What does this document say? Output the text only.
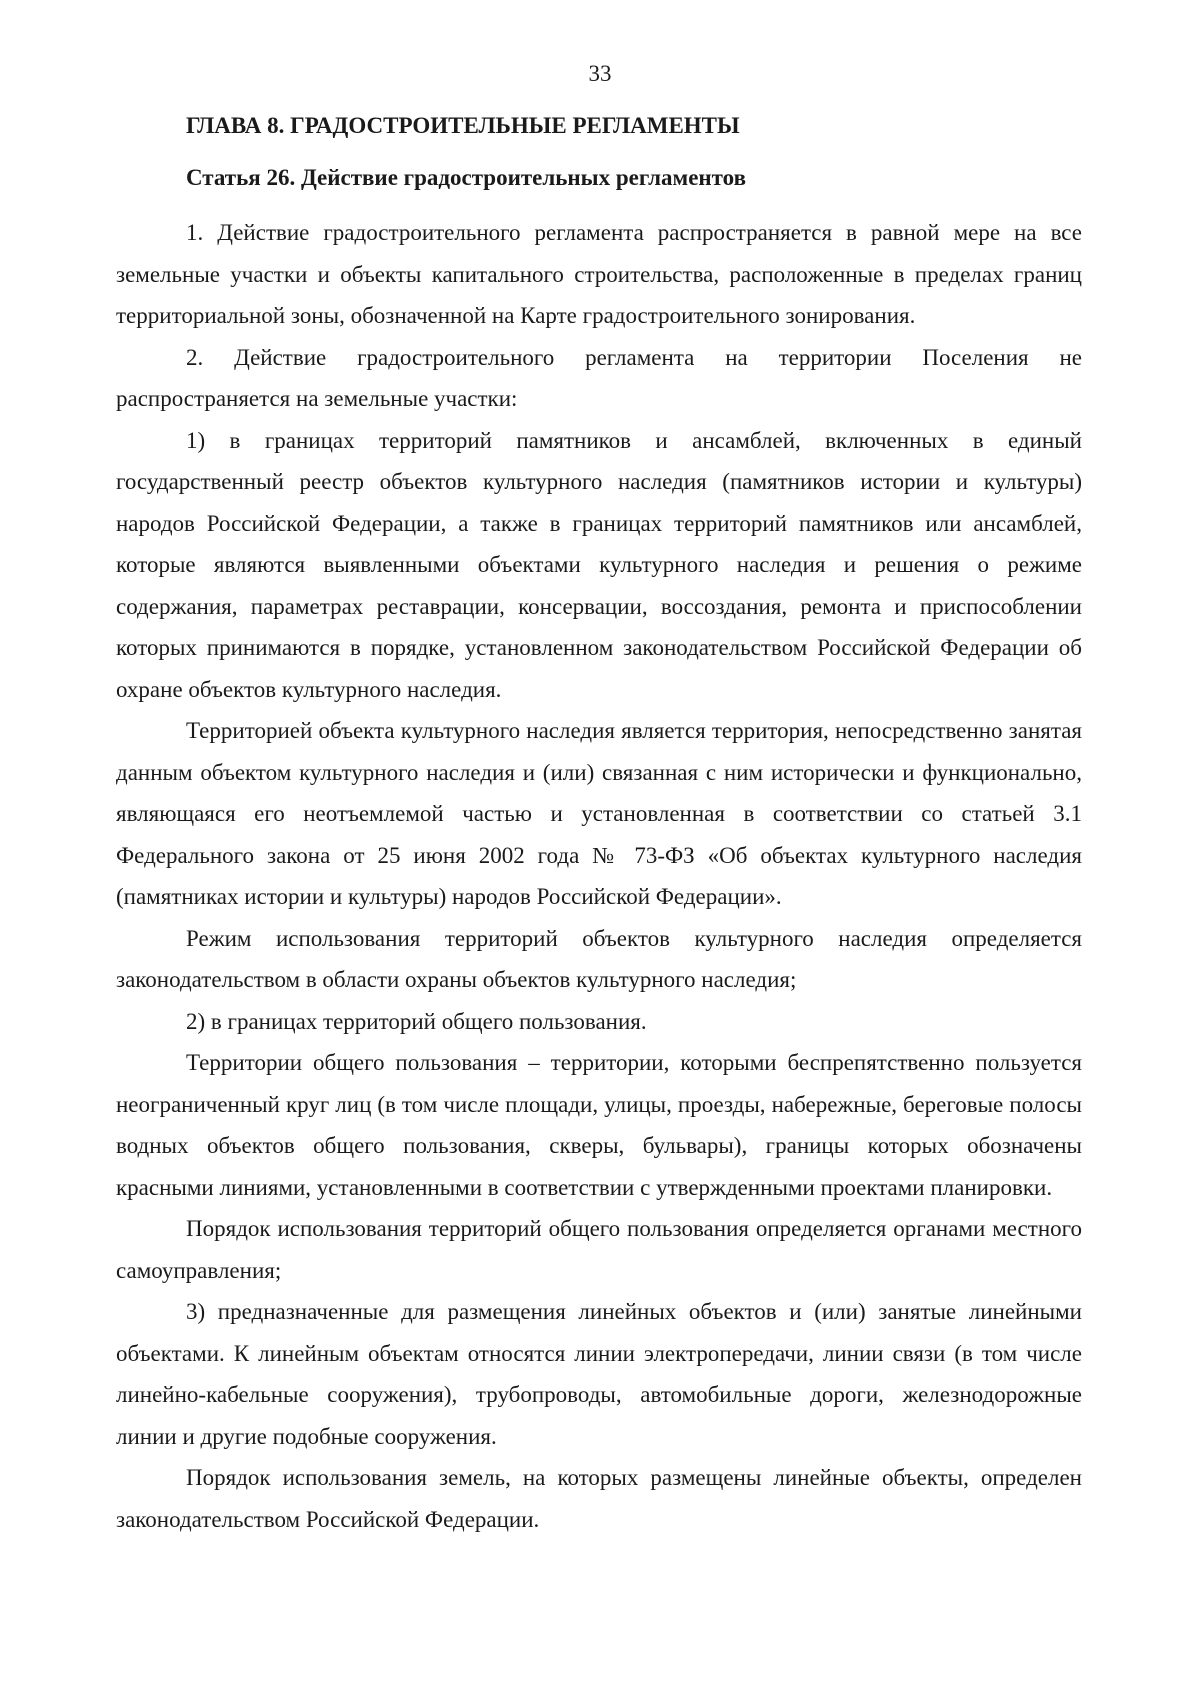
33
ГЛАВА 8. ГРАДОСТРОИТЕЛЬНЫЕ РЕГЛАМЕНТЫ
Статья 26. Действие градостроительных регламентов

1. Действие градостроительного регламента распространяется в равной мере на все земельные участки и объекты капитального строительства, расположенные в пределах границ территориальной зоны, обозначенной на Карте градостроительного зонирования.

2. Действие градостроительного регламента на территории Поселения не распространяется на земельные участки:

1) в границах территорий памятников и ансамблей, включенных в единый государственный реестр объектов культурного наследия (памятников истории и культуры) народов Российской Федерации, а также в границах территорий памятников или ансамблей, которые являются выявленными объектами культурного наследия и решения о режиме содержания, параметрах реставрации, консервации, воссоздания, ремонта и приспособлении которых принимаются в порядке, установленном законодательством Российской Федерации об охране объектов культурного наследия.

Территорией объекта культурного наследия является территория, непосредственно занятая данным объектом культурного наследия и (или) связанная с ним исторически и функционально, являющаяся его неотъемлемой частью и установленная в соответствии со статьей 3.1 Федерального закона от 25 июня 2002 года № 73-ФЗ «Об объектах культурного наследия (памятниках истории и культуры) народов Российской Федерации».

Режим использования территорий объектов культурного наследия определяется законодательством в области охраны объектов культурного наследия;

2) в границах территорий общего пользования.

Территории общего пользования – территории, которыми беспрепятственно пользуется неограниченный круг лиц (в том числе площади, улицы, проезды, набережные, береговые полосы водных объектов общего пользования, скверы, бульвары), границы которых обозначены красными линиями, установленными в соответствии с утвержденными проектами планировки.

Порядок использования территорий общего пользования определяется органами местного самоуправления;

3) предназначенные для размещения линейных объектов и (или) занятые линейными объектами. К линейным объектам относятся линии электропередачи, линии связи (в том числе линейно-кабельные сооружения), трубопроводы, автомобильные дороги, железнодорожные линии и другие подобные сооружения.

Порядок использования земель, на которых размещены линейные объекты, определен законодательством Российской Федерации.
